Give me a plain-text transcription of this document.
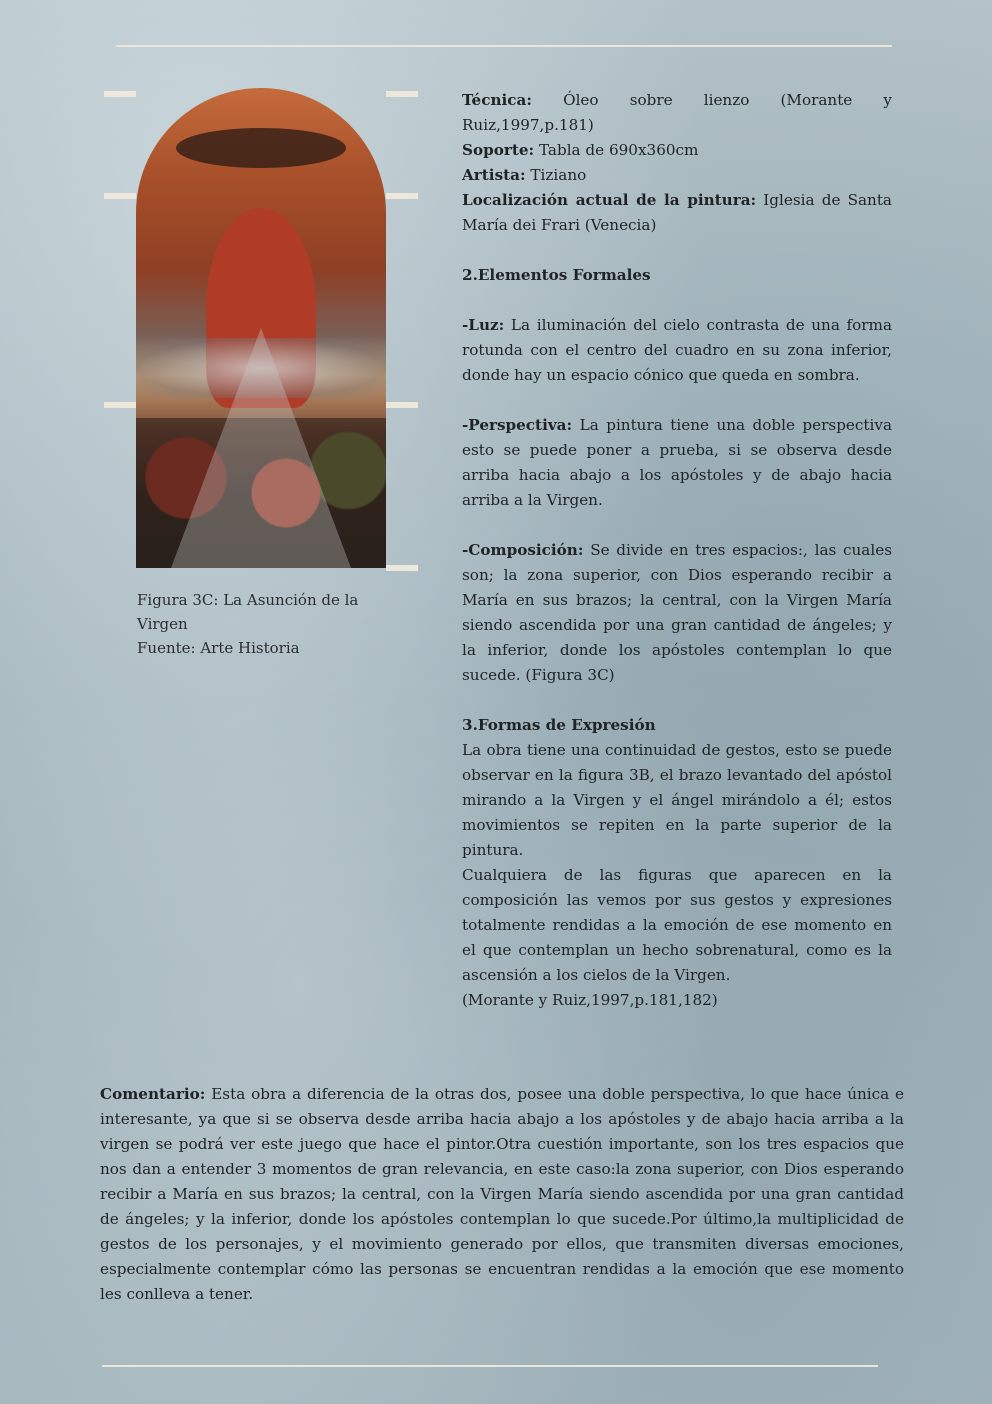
Figura 3C: La Asunción de la Virgen

Fuente: Arte Historia

Técnica: Óleo sobre lienzo (Morante y Ruiz,1997,p.181)

Soporte: Tabla de 690x360cm

Artista: Tiziano

Localización actual de la pintura: Iglesia de Santa María dei Frari (Venecia)

2.Elementos Formales

-Luz: La iluminación del cielo contrasta de una forma rotunda con el centro del cuadro en su zona inferior, donde hay un espacio cónico que queda en sombra.

-Perspectiva: La pintura tiene una doble perspectiva esto se puede poner a prueba, si se observa desde arriba hacia abajo a los apóstoles y de abajo hacia arriba a la Virgen.

-Composición: Se divide en tres espacios:, las cuales son; la zona superior, con Dios esperando recibir a María en sus brazos; la central, con la Virgen María siendo ascendida por una gran cantidad de ángeles; y la inferior, donde los apóstoles contemplan lo que sucede. (Figura 3C)

3.Formas de Expresión

La obra tiene una continuidad de gestos, esto se puede observar en la figura 3B, el brazo levantado del apóstol mirando a la Virgen y el ángel mirándolo a él; estos movimientos se repiten en la parte superior de la pintura.

Cualquiera de las figuras que aparecen en la composición las vemos por sus gestos y expresiones totalmente rendidas a la emoción de ese momento en el que contemplan un hecho sobrenatural, como es la ascensión a los cielos de la Virgen.

(Morante y Ruiz,1997,p.181,182)

Comentario: Esta obra a diferencia de la otras dos, posee una doble perspectiva, lo que hace única e interesante, ya que si se observa desde arriba hacia abajo a los apóstoles y de abajo hacia arriba a la virgen se podrá ver este juego que hace el pintor.Otra cuestión importante, son los tres espacios que nos dan a entender 3 momentos de gran relevancia, en este caso:la zona superior, con Dios esperando recibir a María en sus brazos; la central, con la Virgen María siendo ascendida por una gran cantidad de ángeles; y la inferior, donde los apóstoles contemplan lo que sucede.Por último,la multiplicidad de gestos de los personajes, y el movimiento generado por ellos, que transmiten diversas emociones, especialmente contemplar cómo las personas se encuentran rendidas a la emoción que ese momento les conlleva a tener.
